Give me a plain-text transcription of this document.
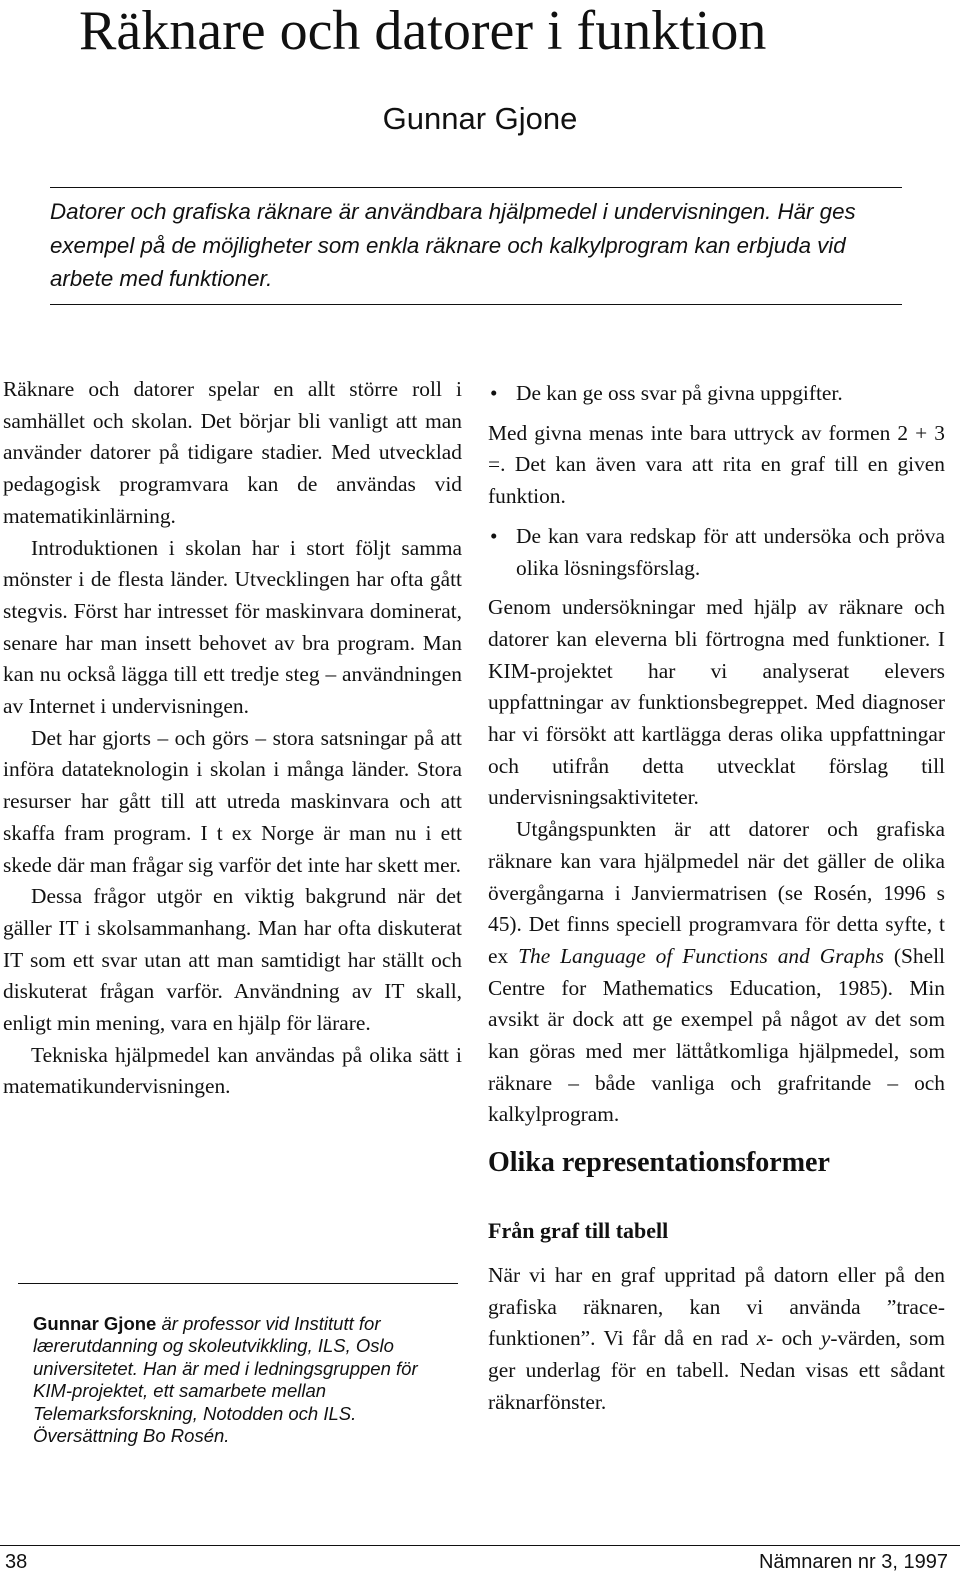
Räknare och datorer i funktion
Gunnar Gjone

Datorer och grafiska räknare är användbara hjälpmedel i undervisningen. Här ges exempel på de möjligheter som enkla räknare och kalkylprogram kan erbjuda vid arbete med funktioner.

Räknare och datorer spelar en allt större roll i samhället och skolan. Det börjar bli vanligt att man använder datorer på tidigare stadier. Med utvecklad pedagogisk programvara kan de användas vid matematikinlärning.

Introduktionen i skolan har i stort följt samma mönster i de flesta länder. Utvecklingen har ofta gått stegvis. Först har intresset för maskinvara dominerat, senare har man insett behovet av bra program. Man kan nu också lägga till ett tredje steg – användningen av Internet i undervisningen.

Det har gjorts – och görs – stora satsningar på att införa datateknologin i skolan i många länder. Stora resurser har gått till att utreda maskinvara och att skaffa fram program. I t ex Norge är man nu i ett skede där man frågar sig varför det inte har skett mer.

Dessa frågor utgör en viktig bakgrund när det gäller IT i skolsammanhang. Man har ofta diskuterat IT som ett svar utan att man samtidigt har ställt och diskuterat frågan varför. Användning av IT skall, enligt min mening, vara en hjälp för lärare.

Tekniska hjälpmedel kan användas på olika sätt i matematikundervisningen.

Gunnar Gjone är professor vid Institutt for lærerutdanning og skoleutvikkling, ILS, Oslo universitetet. Han är med i ledningsgruppen för KIM-projektet, ett samarbete mellan Telemarksforskning, Notodden och ILS.
Översättning Bo Rosén.

• De kan ge oss svar på givna uppgifter.

Med givna menas inte bara uttryck av formen 2 + 3 =. Det kan även vara att rita en graf till en given funktion.

• De kan vara redskap för att undersöka och pröva olika lösningsförslag.

Genom undersökningar med hjälp av räknare och datorer kan eleverna bli förtrogna med funktioner. I KIM-projektet har vi analyserat elevers uppfattningar av funktionsbegreppet. Med diagnoser har vi försökt att kartlägga deras olika uppfattningar och utifrån detta utvecklat förslag till undervisningsaktiviteter.

Utgångspunkten är att datorer och grafiska räknare kan vara hjälpmedel när det gäller de olika övergångarna i Janviermatrisen (se Rosén, 1996 s 45). Det finns speciell programvara för detta syfte, t ex The Language of Functions and Graphs (Shell Centre for Mathematics Education, 1985). Min avsikt är dock att ge exempel på något av det som kan göras med mer lättåtkomliga hjälpmedel, som räknare – både vanliga och grafritande – och kalkylprogram.

Olika representationsformer
Från graf till tabell

När vi har en graf uppritad på datorn eller på den grafiska räknaren, kan vi använda ”trace-funktionen”. Vi får då en rad x- och y-värden, som ger underlag för en tabell. Nedan visas ett sådant räknarfönster.

38	Nämnaren nr 3, 1997
